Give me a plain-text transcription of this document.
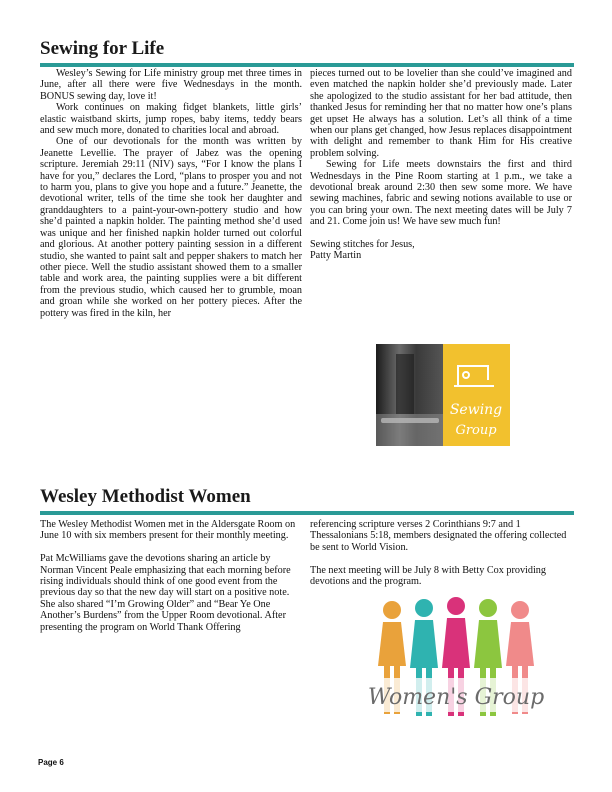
Sewing for Life

Wesley’s Sewing for Life ministry group met three times in June, after all there were five Wednesdays in the month. BONUS sewing day, love it!

Work continues on making fidget blankets, little girls’ elastic waistband skirts, jump ropes, baby items, teddy bears and sew much more, donated to charities local and abroad.

One of our devotionals for the month was written by Jeanette Levellie. The prayer of Jabez was the opening scripture. Jeremiah 29:11 (NIV) says, “For I know the plans I have for you,” declares the Lord, “plans to prosper you and not to harm you, plans to give you hope and a future.” Jeanette, the devotional writer, tells of the time she took her daughter and granddaughters to a paint-your-own-pottery studio and how she’d painted a napkin holder. The painting method she’d used was unique and her finished napkin holder turned out colorful and glorious. At another pottery painting session in a different studio, she wanted to paint salt and pepper shakers to match her other piece. Well the studio assistant showed them to a smaller table and work area, the painting supplies were a bit different from the previous studio, which caused her to grumble, moan and groan while she worked on her pottery pieces. After the pottery was fired in the kiln, her

pieces turned out to be lovelier than she could’ve imagined and even matched the napkin holder she’d previously made. Later she apologized to the studio assistant for her bad attitude, then thanked Jesus for reminding her that no matter how one’s plans get upset He always has a solution. Let’s all think of a time when our plans get changed, how Jesus replaces disappointment with delight and remember to thank Him for His creative problem solving.

Sewing for Life meets downstairs the first and third Wednesdays in the Pine Room starting at 1 p.m., we take a devotional break around 2:30 then sew some more. We have sewing machines, fabric and sewing notions available to use or you can bring your own. The next meeting dates will be July 7 and 21. Come join us! We have sew much fun!

Sewing stitches for Jesus,

Patty Martin

Sewing
Group
Wesley Methodist Women

The Wesley Methodist Women met in the Aldersgate Room on June 10 with six members present for their monthly meeting.

Pat McWilliams gave the devotions sharing an article by Norman Vincent Peale emphasizing that each morning before rising individuals should think of one good event from the previous day so that the new day will start on a positive note. She also shared “I’m Growing Older” and “Bear Ye One Another’s Burdens” from the Upper Room devotional. After presenting the program on World Thank Offering

referencing scripture verses 2 Corinthians 9:7 and 1 Thessalonians 5:18, members designated the offering collected be sent to World Vision.

The next meeting will be July 8 with Betty Cox providing devotions and the program.

Women's Group
Page 6
